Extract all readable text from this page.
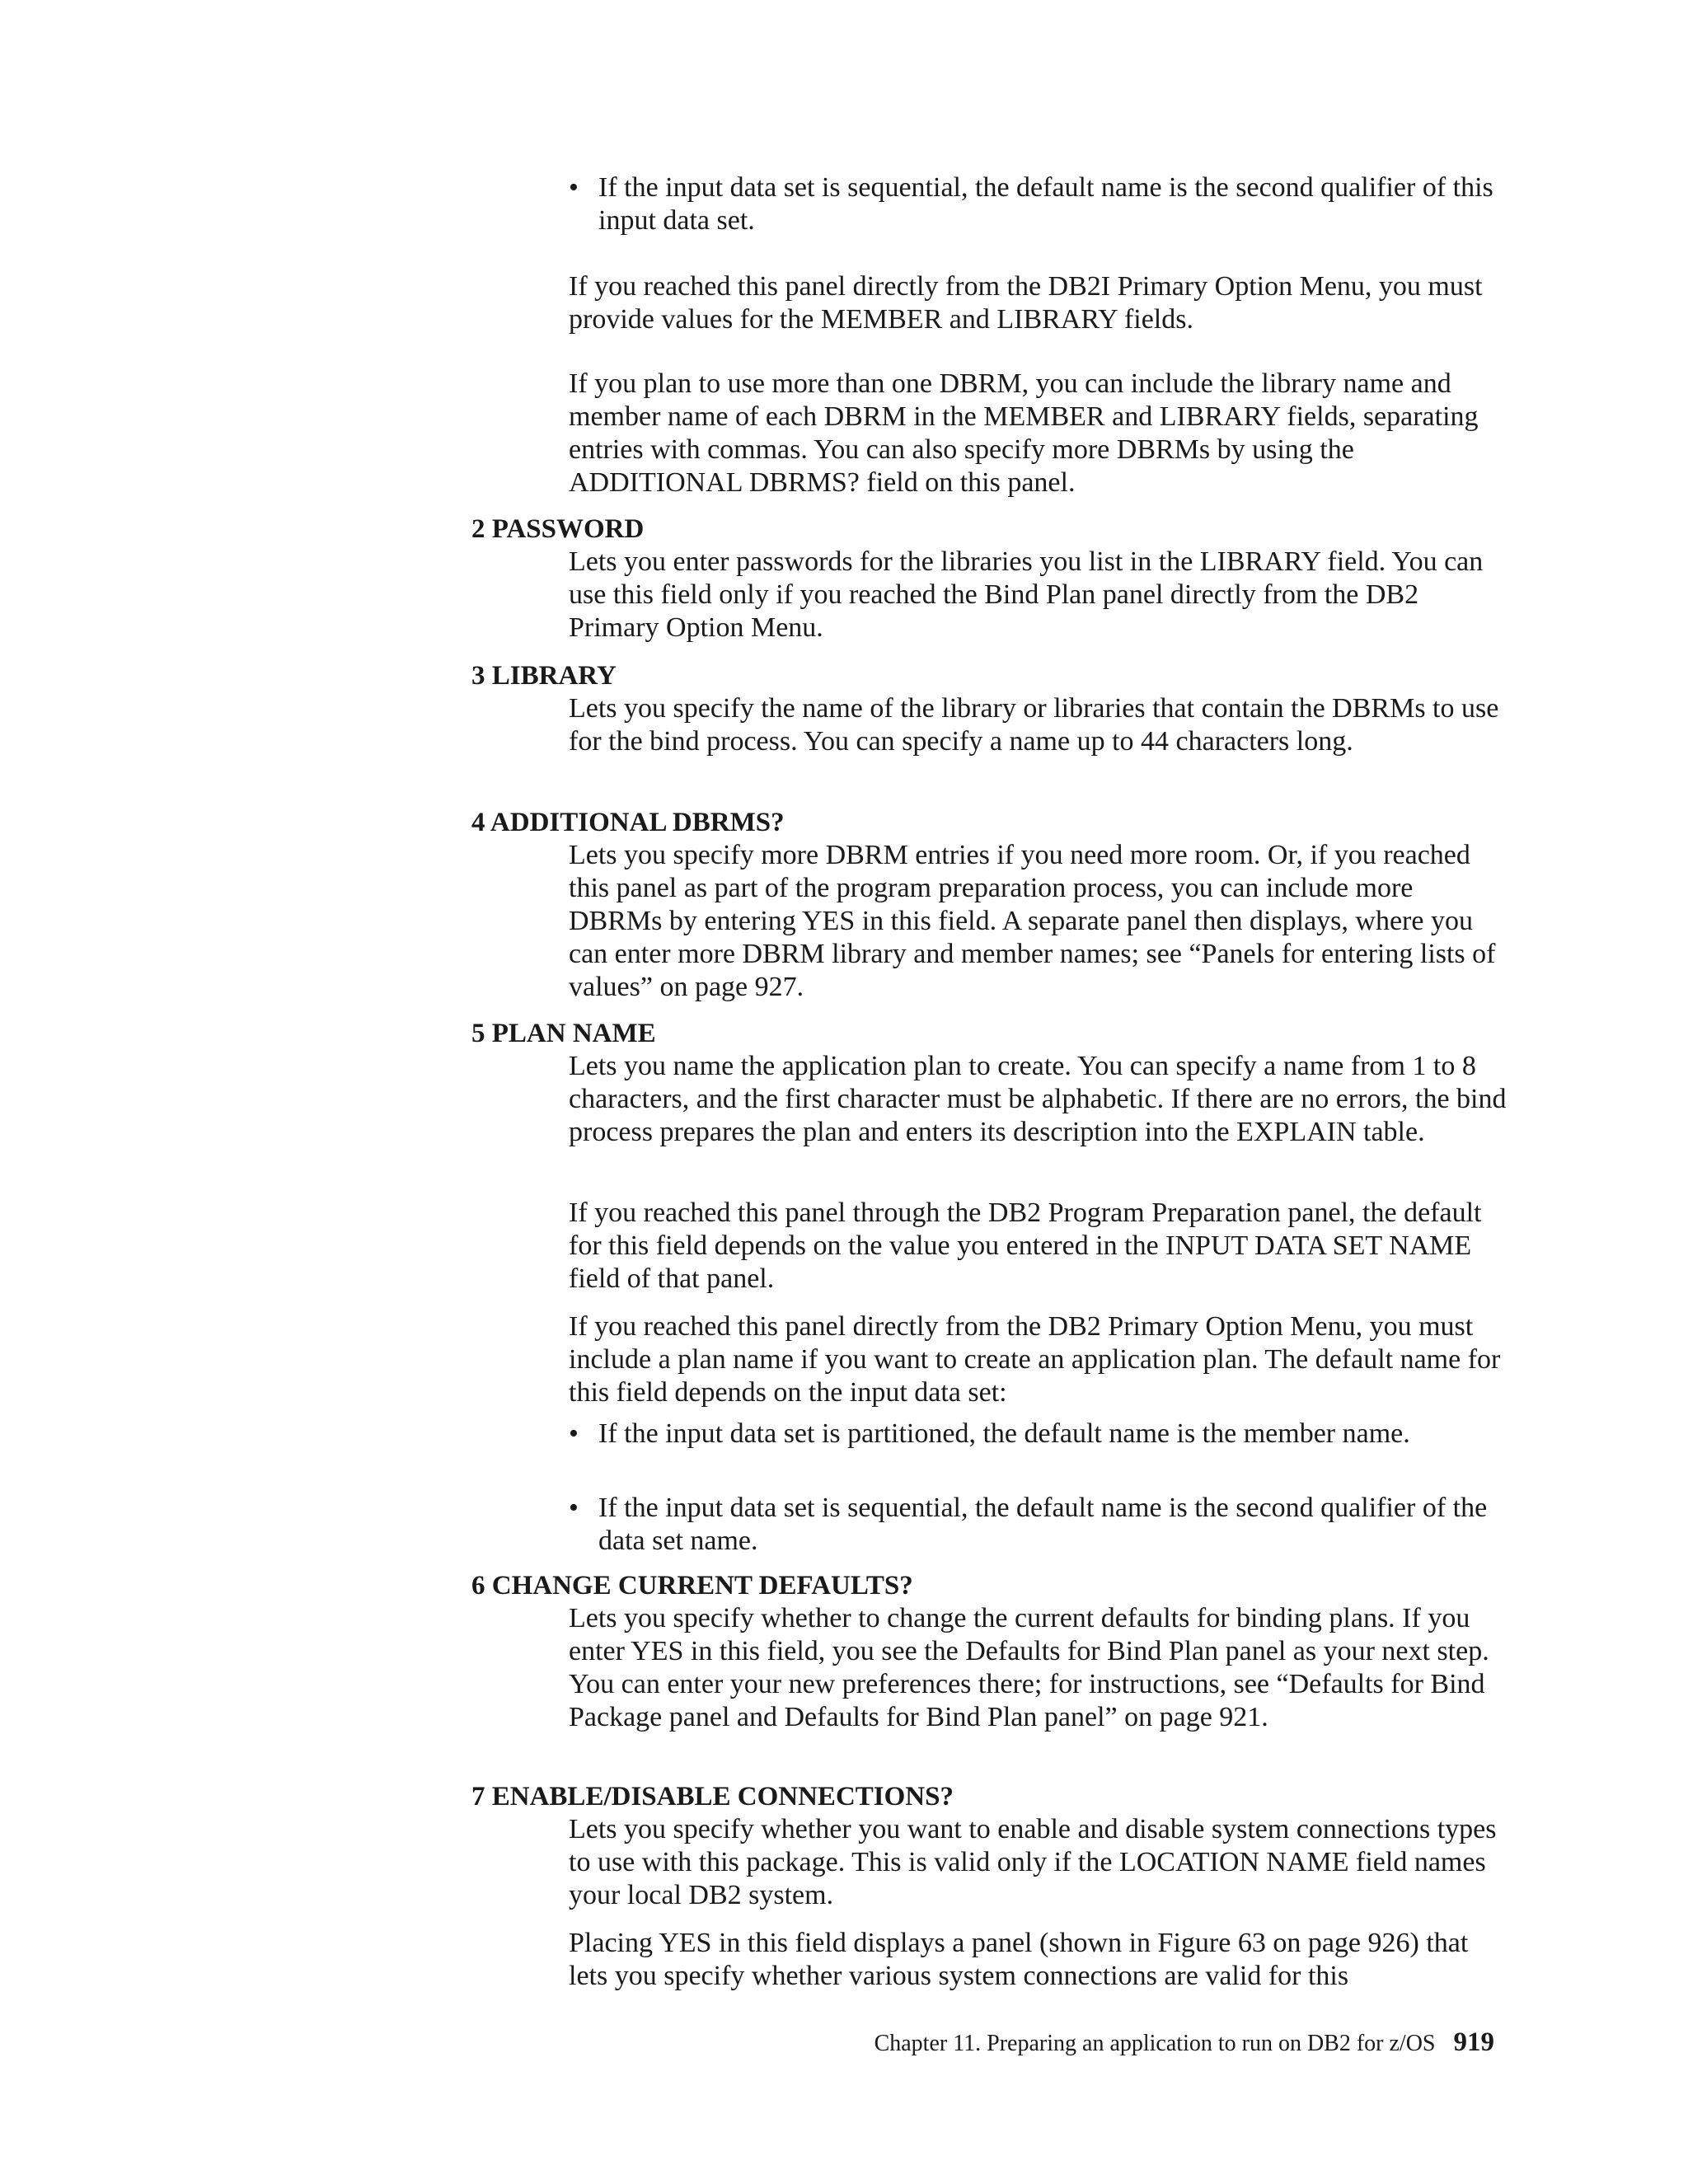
• If the input data set is sequential, the default name is the second qualifier of this input data set.
If you reached this panel directly from the DB2I Primary Option Menu, you must provide values for the MEMBER and LIBRARY fields.
If you plan to use more than one DBRM, you can include the library name and member name of each DBRM in the MEMBER and LIBRARY fields, separating entries with commas. You can also specify more DBRMs by using the ADDITIONAL DBRMS? field on this panel.
2 PASSWORD
Lets you enter passwords for the libraries you list in the LIBRARY field. You can use this field only if you reached the Bind Plan panel directly from the DB2 Primary Option Menu.
3 LIBRARY
Lets you specify the name of the library or libraries that contain the DBRMs to use for the bind process. You can specify a name up to 44 characters long.
4 ADDITIONAL DBRMS?
Lets you specify more DBRM entries if you need more room. Or, if you reached this panel as part of the program preparation process, you can include more DBRMs by entering YES in this field. A separate panel then displays, where you can enter more DBRM library and member names; see “Panels for entering lists of values” on page 927.
5 PLAN NAME
Lets you name the application plan to create. You can specify a name from 1 to 8 characters, and the first character must be alphabetic. If there are no errors, the bind process prepares the plan and enters its description into the EXPLAIN table.
If you reached this panel through the DB2 Program Preparation panel, the default for this field depends on the value you entered in the INPUT DATA SET NAME field of that panel.
If you reached this panel directly from the DB2 Primary Option Menu, you must include a plan name if you want to create an application plan. The default name for this field depends on the input data set:
• If the input data set is partitioned, the default name is the member name.
• If the input data set is sequential, the default name is the second qualifier of the data set name.
6 CHANGE CURRENT DEFAULTS?
Lets you specify whether to change the current defaults for binding plans. If you enter YES in this field, you see the Defaults for Bind Plan panel as your next step. You can enter your new preferences there; for instructions, see “Defaults for Bind Package panel and Defaults for Bind Plan panel” on page 921.
7 ENABLE/DISABLE CONNECTIONS?
Lets you specify whether you want to enable and disable system connections types to use with this package. This is valid only if the LOCATION NAME field names your local DB2 system.
Placing YES in this field displays a panel (shown in Figure 63 on page 926) that lets you specify whether various system connections are valid for this
Chapter 11. Preparing an application to run on DB2 for z/OS 919
